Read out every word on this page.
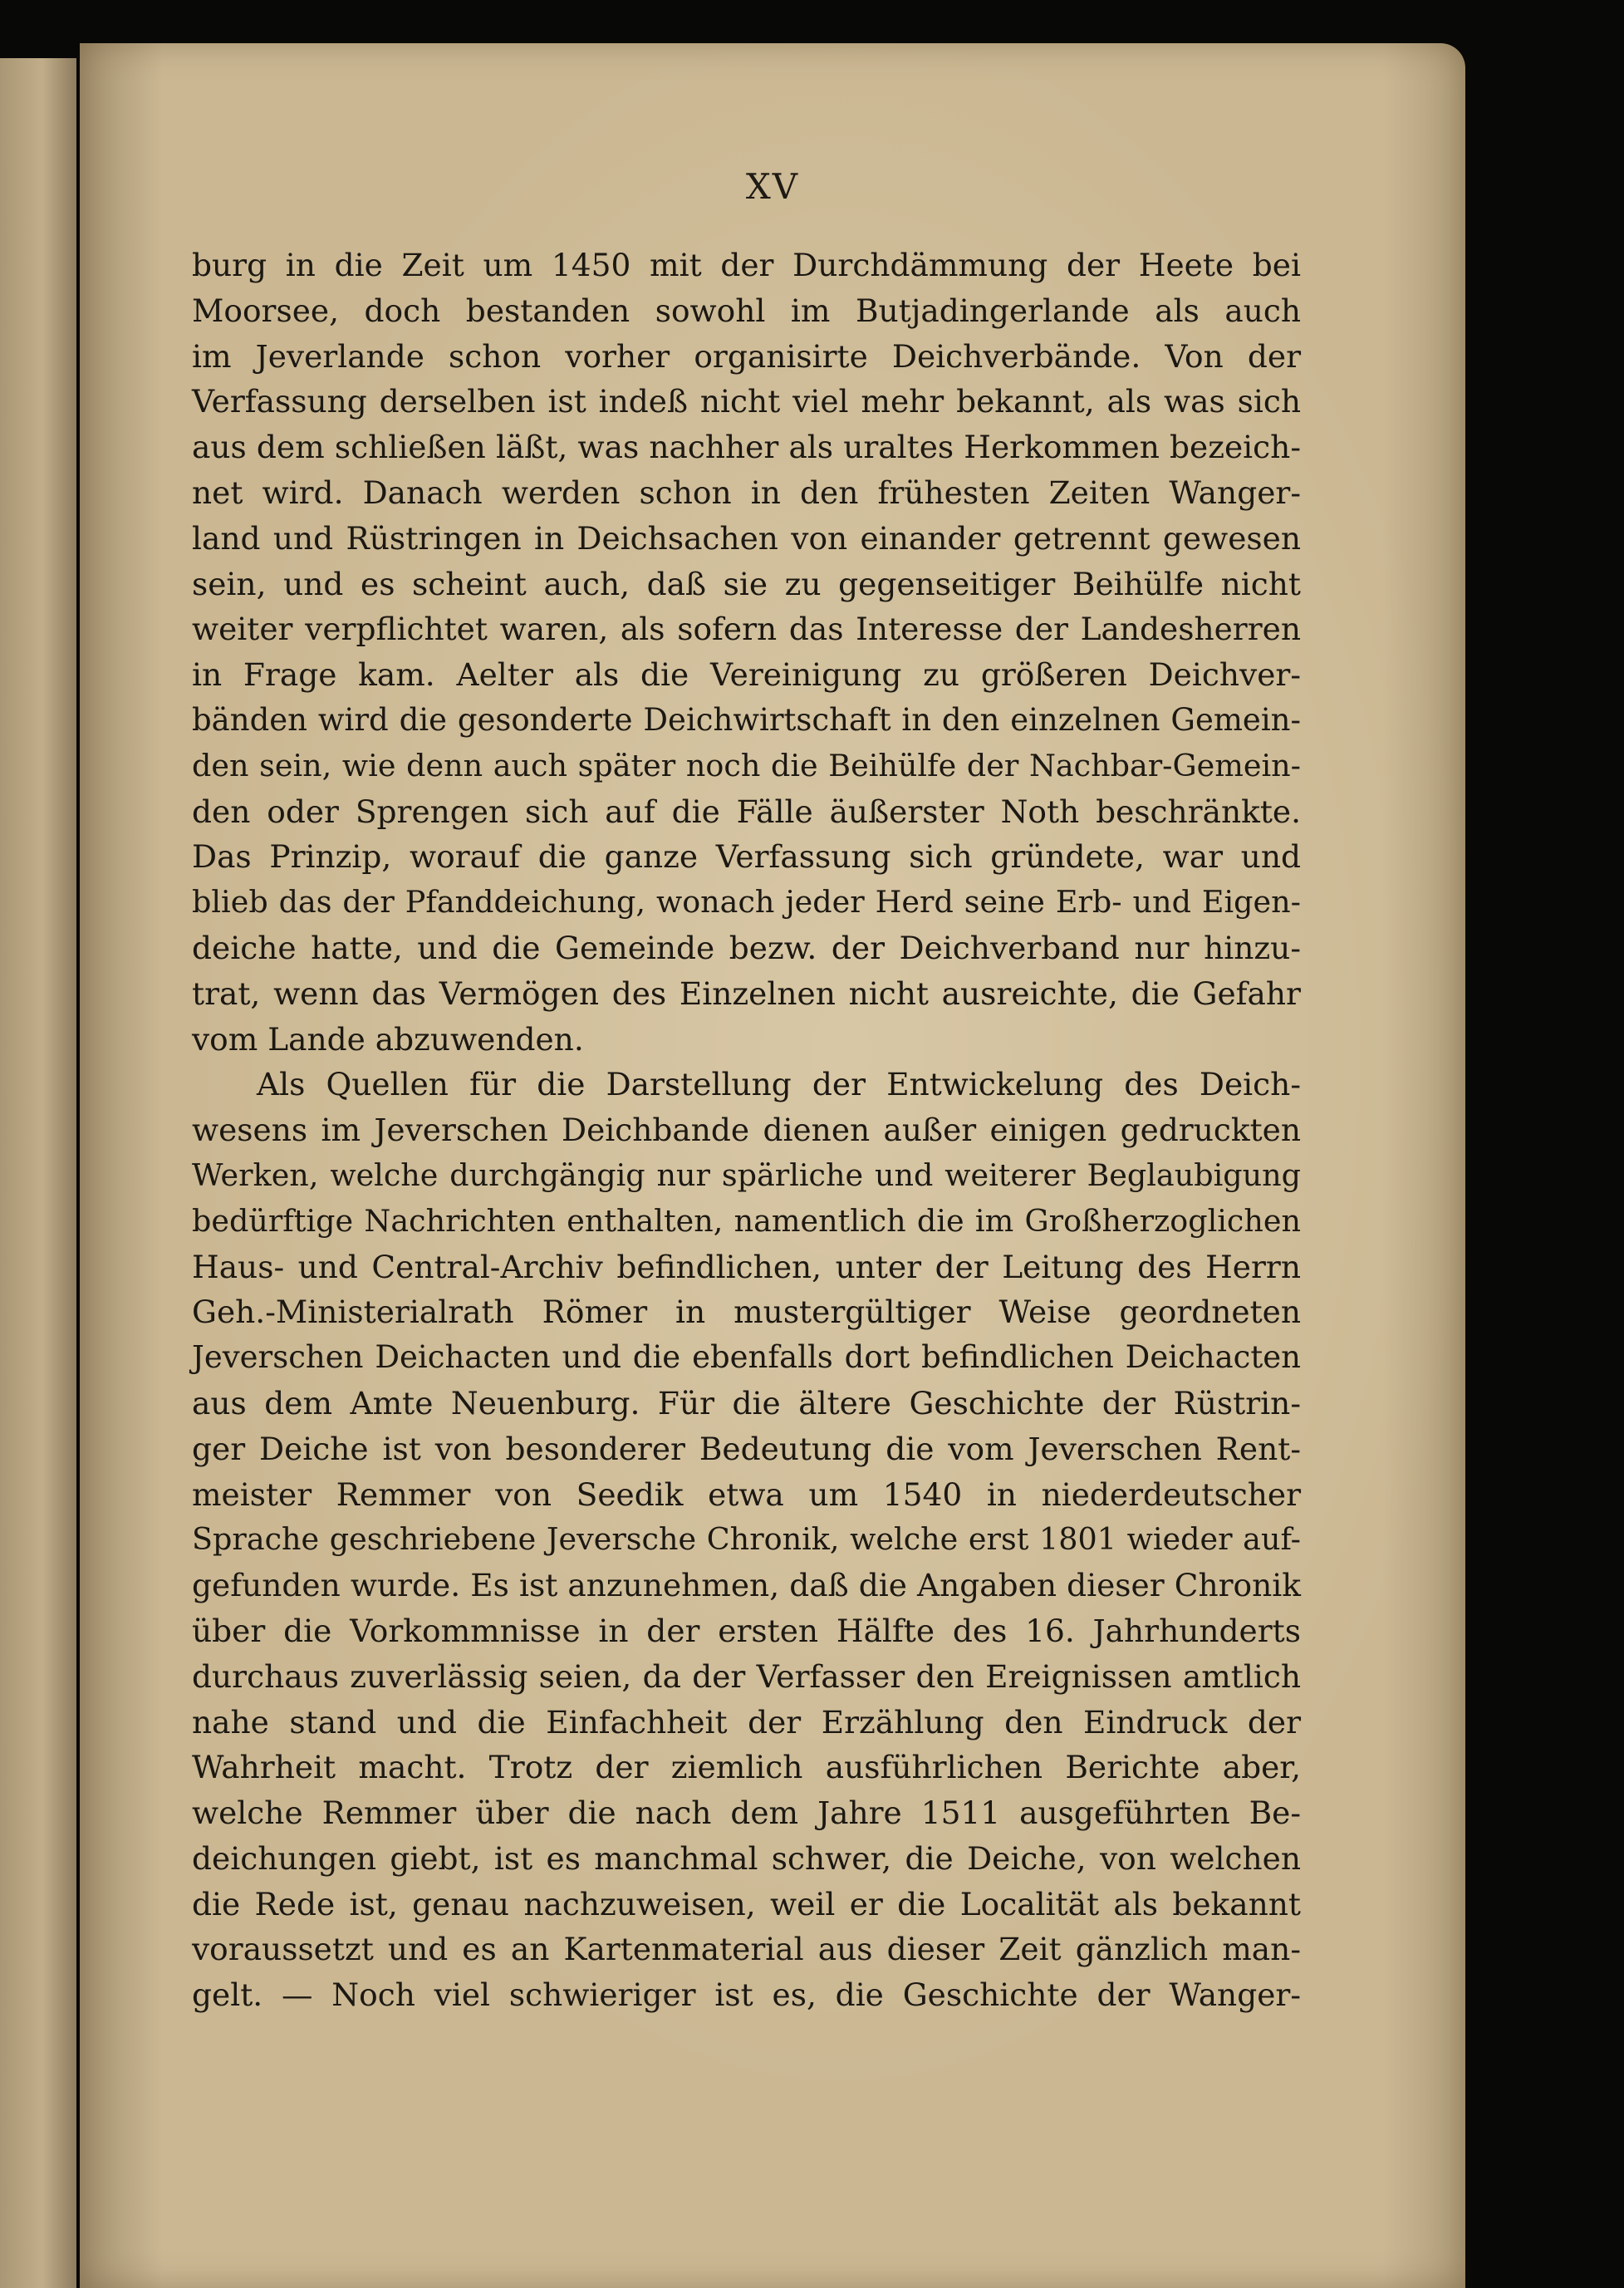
XV
burg in die Zeit um 1450 mit der Durchdämmung der Heete bei
Moorsee, doch bestanden sowohl im Butjadingerlande als auch
im Jeverlande schon vorher organisirte Deichverbände. Von der
Verfassung derselben ist indeß nicht viel mehr bekannt, als was sich
aus dem schließen läßt, was nachher als uraltes Herkommen bezeich-
net wird. Danach werden schon in den frühesten Zeiten Wanger-
land und Rüstringen in Deichsachen von einander getrennt gewesen
sein, und es scheint auch, daß sie zu gegenseitiger Beihülfe nicht
weiter verpflichtet waren, als sofern das Interesse der Landesherren
in Frage kam. Aelter als die Vereinigung zu größeren Deichver-
bänden wird die gesonderte Deichwirtschaft in den einzelnen Gemein-
den sein, wie denn auch später noch die Beihülfe der Nachbar-Gemein-
den oder Sprengen sich auf die Fälle äußerster Noth beschränkte.
Das Prinzip, worauf die ganze Verfassung sich gründete, war und
blieb das der Pfanddeichung, wonach jeder Herd seine Erb- und Eigen-
deiche hatte, und die Gemeinde bezw. der Deichverband nur hinzu-
trat, wenn das Vermögen des Einzelnen nicht ausreichte, die Gefahr
vom Lande abzuwenden.
Als Quellen für die Darstellung der Entwickelung des Deich-
wesens im Jeverschen Deichbande dienen außer einigen gedruckten
Werken, welche durchgängig nur spärliche und weiterer Beglaubigung
bedürftige Nachrichten enthalten, namentlich die im Großherzoglichen
Haus- und Central-Archiv befindlichen, unter der Leitung des Herrn
Geh.-Ministerialrath Römer in mustergültiger Weise geordneten
Jeverschen Deichacten und die ebenfalls dort befindlichen Deichacten
aus dem Amte Neuenburg. Für die ältere Geschichte der Rüstrin-
ger Deiche ist von besonderer Bedeutung die vom Jeverschen Rent-
meister Remmer von Seedik etwa um 1540 in niederdeutscher
Sprache geschriebene Jeversche Chronik, welche erst 1801 wieder auf-
gefunden wurde. Es ist anzunehmen, daß die Angaben dieser Chronik
über die Vorkommnisse in der ersten Hälfte des 16. Jahrhunderts
durchaus zuverlässig seien, da der Verfasser den Ereignissen amtlich
nahe stand und die Einfachheit der Erzählung den Eindruck der
Wahrheit macht. Trotz der ziemlich ausführlichen Berichte aber,
welche Remmer über die nach dem Jahre 1511 ausgeführten Be-
deichungen giebt, ist es manchmal schwer, die Deiche, von welchen
die Rede ist, genau nachzuweisen, weil er die Localität als bekannt
voraussetzt und es an Kartenmaterial aus dieser Zeit gänzlich man-
gelt. — Noch viel schwieriger ist es, die Geschichte der Wanger-
